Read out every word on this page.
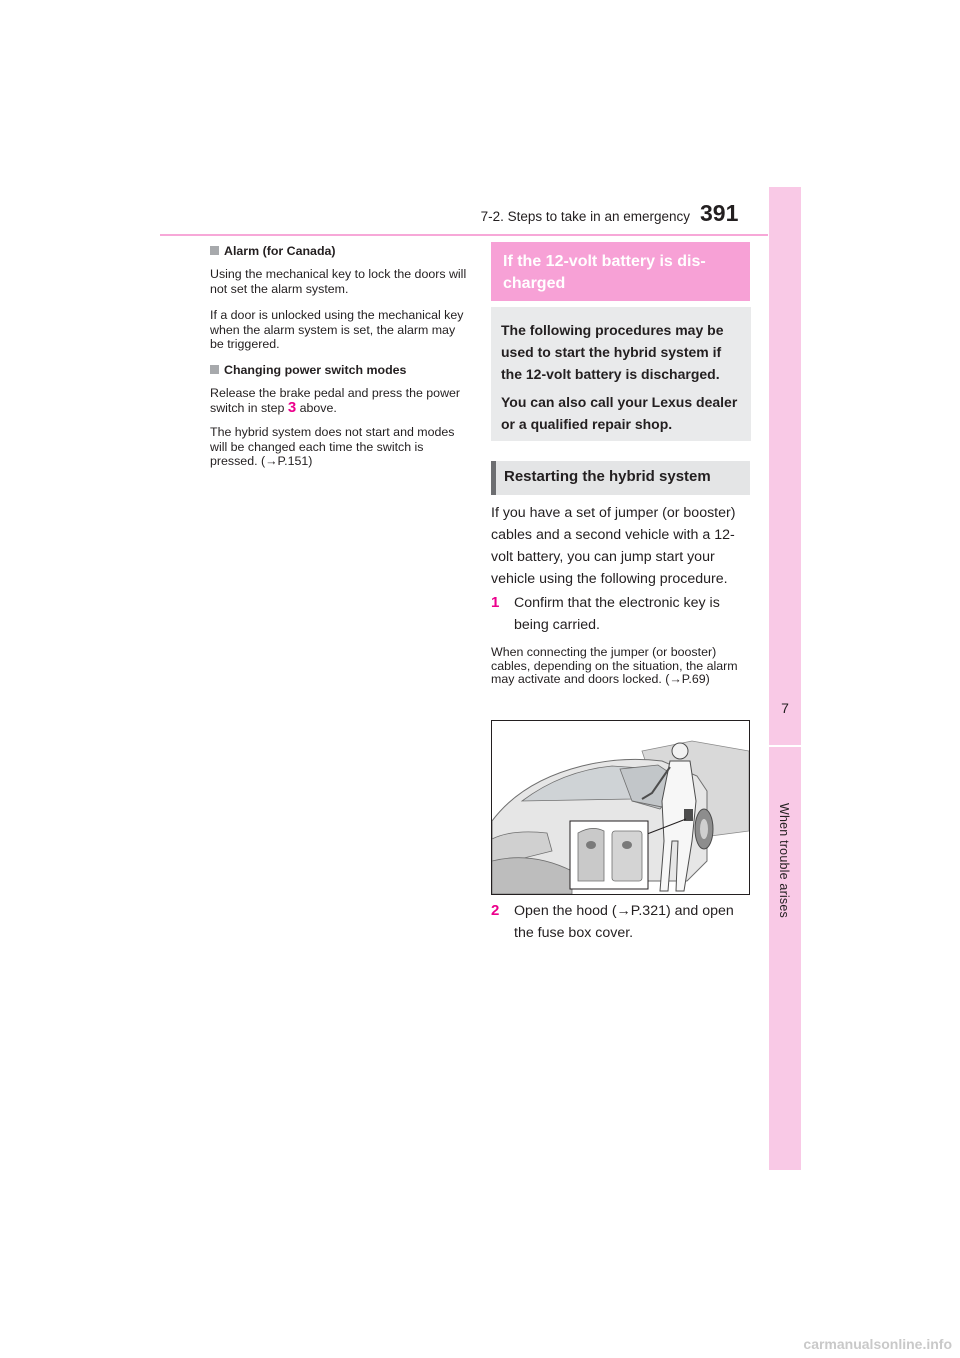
7-2. Steps to take in an emergency 391
7
When trouble arises
Alarm (for Canada)
Using the mechanical key to lock the doors will not set the alarm system.
If a door is unlocked using the mechanical key when the alarm system is set, the alarm may be triggered.
Changing power switch modes
Release the brake pedal and press the power switch in step 3 above.
The hybrid system does not start and modes will be changed each time the switch is pressed. (→P.151)
If the 12-volt battery is dis-charged
The following procedures may be used to start the hybrid system if the 12-volt battery is discharged.
You can also call your Lexus dealer or a qualified repair shop.
Restarting the hybrid system
If you have a set of jumper (or booster) cables and a second vehicle with a 12-volt battery, you can jump start your vehicle using the following procedure.
1 Confirm that the electronic key is being carried.
When connecting the jumper (or booster) cables, depending on the situation, the alarm may activate and doors locked. (→P.69)
2 Open the hood (→P.321) and open the fuse box cover.
carmanualsonline.info
